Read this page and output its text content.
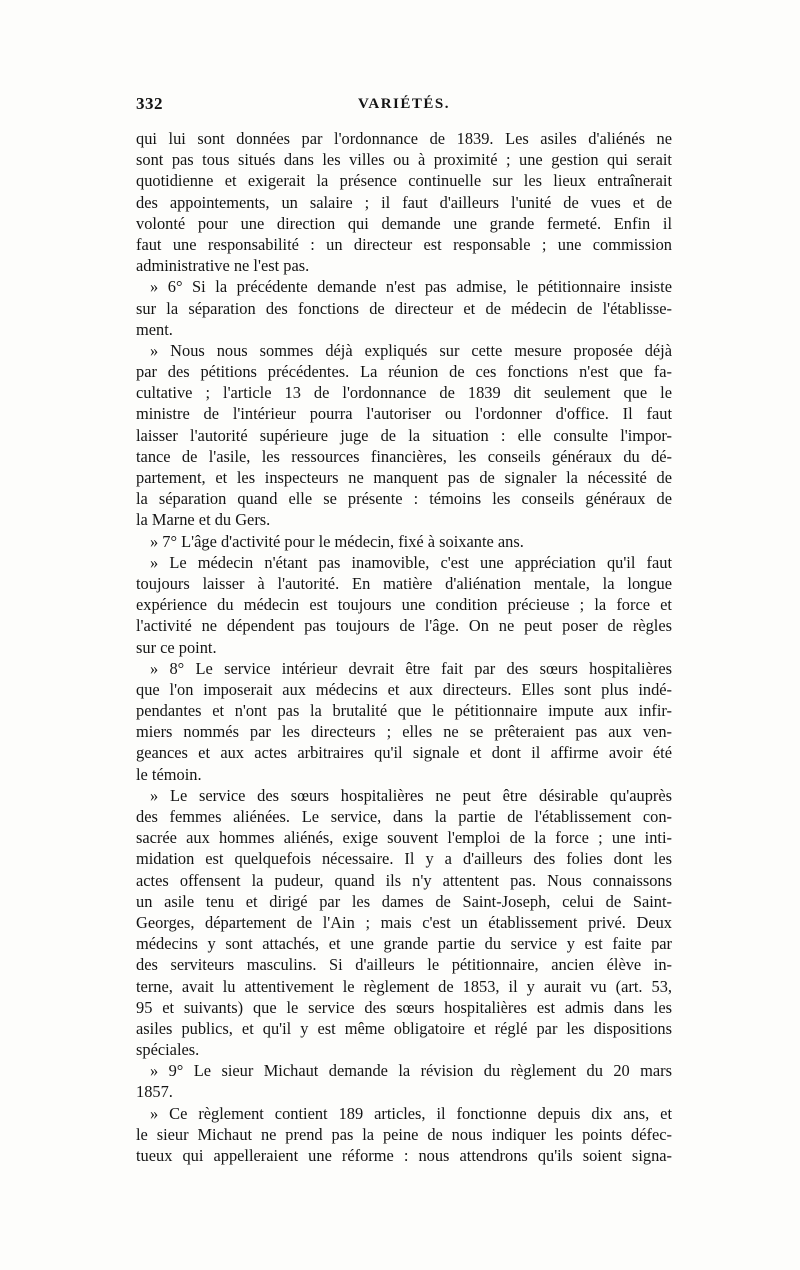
332	VARIÉTÉS.
qui lui sont données par l'ordonnance de 1839. Les asiles d'aliénés ne
sont pas tous situés dans les villes ou à proximité ; une gestion qui serait
quotidienne et exigerait la présence continuelle sur les lieux entraînerait
des appointements, un salaire ; il faut d'ailleurs l'unité de vues et de
volonté pour une direction qui demande une grande fermeté. Enfin il
faut une responsabilité : un directeur est responsable ; une commission
administrative ne l'est pas.
» 6° Si la précédente demande n'est pas admise, le pétitionnaire insiste
sur la séparation des fonctions de directeur et de médecin de l'établisse-
ment.
» Nous nous sommes déjà expliqués sur cette mesure proposée déjà
par des pétitions précédentes. La réunion de ces fonctions n'est que fa-
cultative ; l'article 13 de l'ordonnance de 1839 dit seulement que le
ministre de l'intérieur pourra l'autoriser ou l'ordonner d'office. Il faut
laisser l'autorité supérieure juge de la situation : elle consulte l'impor-
tance de l'asile, les ressources financières, les conseils généraux du dé-
partement, et les inspecteurs ne manquent pas de signaler la nécessité de
la séparation quand elle se présente : témoins les conseils généraux de
la Marne et du Gers.
» 7° L'âge d'activité pour le médecin, fixé à soixante ans.
» Le médecin n'étant pas inamovible, c'est une appréciation qu'il faut
toujours laisser à l'autorité. En matière d'aliénation mentale, la longue
expérience du médecin est toujours une condition précieuse ; la force et
l'activité ne dépendent pas toujours de l'âge. On ne peut poser de règles
sur ce point.
» 8° Le service intérieur devrait être fait par des sœurs hospitalières
que l'on imposerait aux médecins et aux directeurs. Elles sont plus indé-
pendantes et n'ont pas la brutalité que le pétitionnaire impute aux infir-
miers nommés par les directeurs ; elles ne se prêteraient pas aux ven-
geances et aux actes arbitraires qu'il signale et dont il affirme avoir été
le témoin.
» Le service des sœurs hospitalières ne peut être désirable qu'auprès
des femmes aliénées. Le service, dans la partie de l'établissement con-
sacrée aux hommes aliénés, exige souvent l'emploi de la force ; une inti-
midation est quelquefois nécessaire. Il y a d'ailleurs des folies dont les
actes offensent la pudeur, quand ils n'y attentent pas. Nous connaissons
un asile tenu et dirigé par les dames de Saint-Joseph, celui de Saint-
Georges, département de l'Ain ; mais c'est un établissement privé. Deux
médecins y sont attachés, et une grande partie du service y est faite par
des serviteurs masculins. Si d'ailleurs le pétitionnaire, ancien élève in-
terne, avait lu attentivement le règlement de 1853, il y aurait vu (art. 53,
95 et suivants) que le service des sœurs hospitalières est admis dans les
asiles publics, et qu'il y est même obligatoire et réglé par les dispositions
spéciales.
» 9° Le sieur Michaut demande la révision du règlement du 20 mars
1857.
» Ce règlement contient 189 articles, il fonctionne depuis dix ans, et
le sieur Michaut ne prend pas la peine de nous indiquer les points défec-
tueux qui appelleraient une réforme : nous attendrons qu'ils soient signa-
